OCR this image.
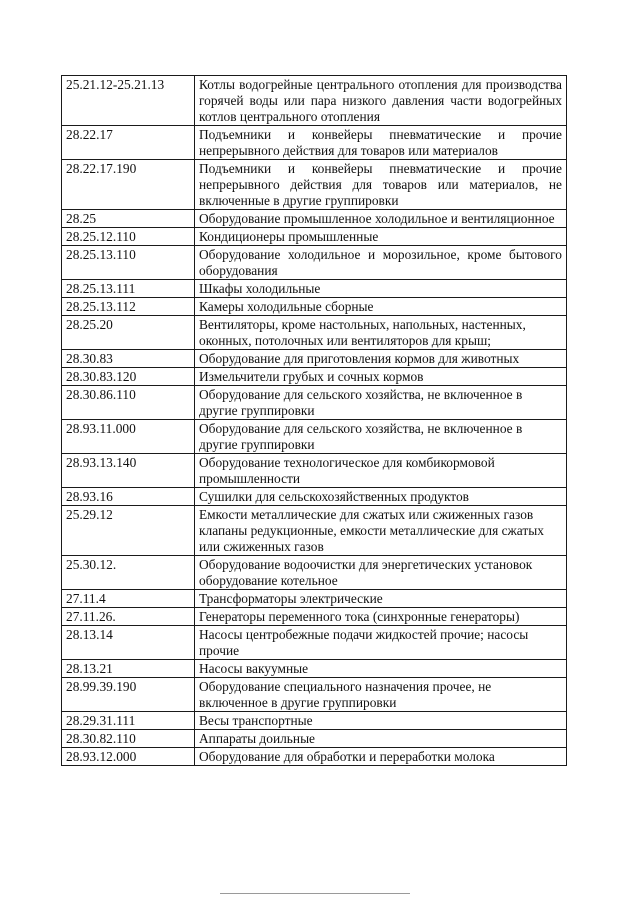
25.21.12-25.21.13	Котлы водогрейные центрального отопления для производства горячей воды или пара низкого давления части водогрейных котлов центрального отопления
28.22.17	Подъемники и конвейеры пневматические и прочие непрерывного действия для товаров или материалов
28.22.17.190	Подъемники и конвейеры пневматические и прочие непрерывного действия для товаров или материалов, не включенные в другие группировки
28.25	Оборудование промышленное холодильное и вентиляционное
28.25.12.110	Кондиционеры промышленные
28.25.13.110	Оборудование холодильное и морозильное, кроме бытового оборудования
28.25.13.111	Шкафы холодильные
28.25.13.112	Камеры холодильные сборные
28.25.20	Вентиляторы, кроме настольных, напольных, настенных, оконных, потолочных или вентиляторов для крыш;
28.30.83	Оборудование для приготовления кормов для животных
28.30.83.120	Измельчители грубых и сочных кормов
28.30.86.110	Оборудование для сельского хозяйства, не включенное в другие группировки
28.93.11.000	Оборудование для сельского хозяйства, не включенное в другие группировки
28.93.13.140	Оборудование технологическое для комбикормовой промышленности
28.93.16	Сушилки для сельскохозяйственных продуктов
25.29.12	Емкости металлические для сжатых или сжиженных газов клапаны редукционные, емкости металлические для сжатых или сжиженных газов
25.30.12.	Оборудование водоочистки для энергетических установок оборудование котельное
27.11.4	Трансформаторы электрические
27.11.26.	Генераторы переменного тока (синхронные генераторы)
28.13.14	Насосы центробежные подачи жидкостей прочие; насосы прочие
28.13.21	Насосы вакуумные
28.99.39.190	Оборудование специального назначения прочее, не включенное в другие группировки
28.29.31.111	Весы транспортные
28.30.82.110	Аппараты доильные
28.93.12.000	Оборудование для обработки и переработки молока
